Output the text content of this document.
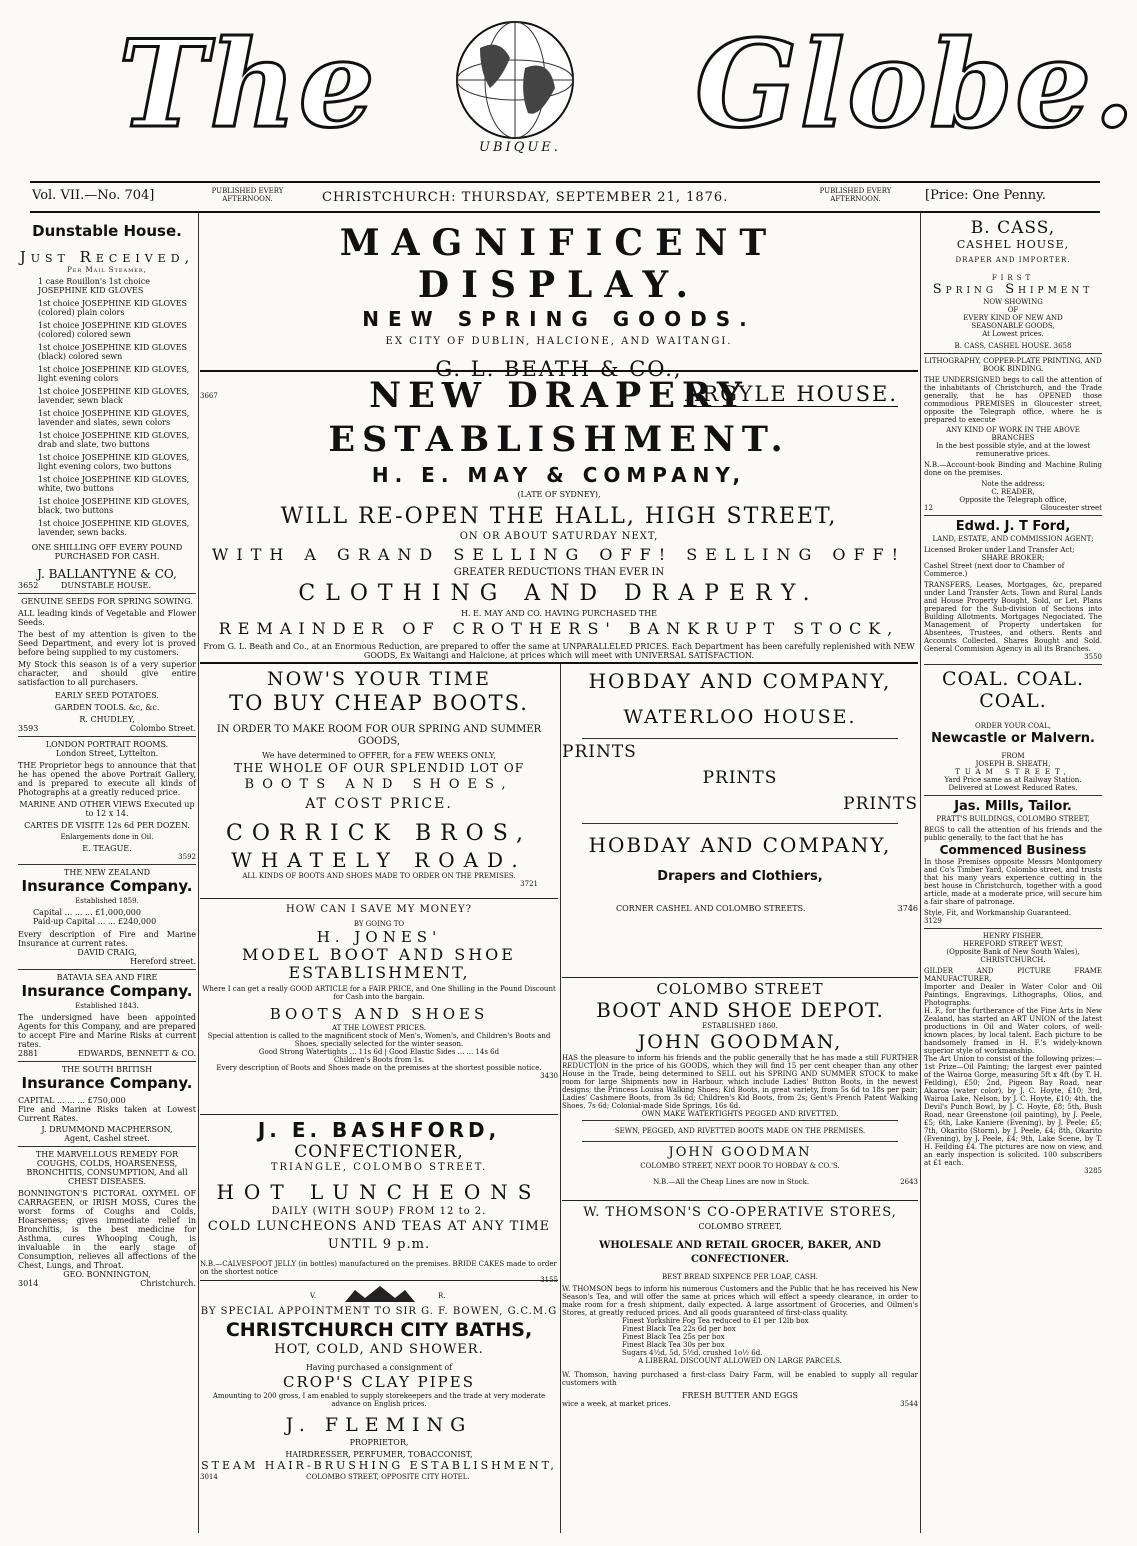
The	UBIQUE. Globe.
Vol. VII.—No. 704]	PUBLISHED EVERY AFTERNOON.	CHRISTCHURCH: THURSDAY, SEPTEMBER 21, 1876.	PUBLISHED EVERY AFTERNOON.	[Price: One Penny.

Dunstable House.

Just Received,

Per Mail Steamer,

1 case Rouillon's 1st choice JOSEPHINE KID GLOVES

1st choice JOSEPHINE KID GLOVES (colored) plain colors

1st choice JOSEPHINE KID GLOVES (colored) colored sewn

1st choice JOSEPHINE KID GLOVES (black) colored sewn

1st choice JOSEPHINE KID GLOVES, light evening colors

1st choice JOSEPHINE KID GLOVES, lavender, sewn black

1st choice JOSEPHINE KID GLOVES, lavender and slates, sewn colors

1st choice JOSEPHINE KID GLOVES, drab and slate, two buttons

1st choice JOSEPHINE KID GLOVES, light evening colors, two buttons

1st choice JOSEPHINE KID GLOVES, white, two buttons

1st choice JOSEPHINE KID GLOVES, black, two buttons

1st choice JOSEPHINE KID GLOVES, lavender, sewn backs.

ONE SHILLING OFF EVERY POUND PURCHASED FOR CASH.

J. BALLANTYNE & CO,

3652	DUNSTABLE HOUSE.

GENUINE SEEDS FOR SPRING SOWING.

ALL leading kinds of Vegetable and Flower Seeds.

The best of my attention is given to the Seed Department, and every lot is proved before being supplied to my customers.

My Stock this season is of a very superior character, and should give entire satisfaction to all purchasers.

EARLY SEED POTATOES.

GARDEN TOOLS. &c, &c.

R. CHUDLEY,

3593	Colombo Street.

LONDON PORTRAIT ROOMS.

London Street, Lyttelton.

THE Proprietor begs to announce that that he has opened the above Portrait Gallery, and is prepared to execute all kinds of Photographs at a greatly reduced price.

MARINE AND OTHER VIEWS Executed up to 12 x 14.

CARTES DE VISITE 12s 6d PER DOZEN.

Enlargements done in Oil.

E. TEAGUE.

3592

THE NEW ZEALAND

Insurance Company.

Established 1859.

Capital ... ... ... £1,000,000

Paid-up Capital ... ... £240,000

Every description of Fire and Marine Insurance at current rates.

DAVID CRAIG,

Hereford street.

BATAVIA SEA AND FIRE

Insurance Company.

Established 1843.

The undersigned have been appointed Agents for this Company, and are prepared to accept Fire and Marine Risks at current rates.

2881	EDWARDS, BENNETT & CO.

THE SOUTH BRITISH

Insurance Company.

CAPITAL ... ... ... £750,000

Fire and Marine Risks taken at Lowest Current Rates.

J. DRUMMOND MACPHERSON,

Agent, Cashel street.

THE MARVELLOUS REMEDY FOR COUGHS, COLDS, HOARSENESS, BRONCHITIS, CONSUMPTION, And all CHEST DISEASES.

BONNINGTON'S PICTORAL OXYMEL OF CARRAGEEN, or IRISH MOSS, Cures the worst forms of Coughs and Colds, Hoarseness; gives immediate relief in Bronchitis, is the best medicine for Asthma, cures Whooping Cough, is invaluable in the early stage of Consumption, relieves all affections of the Chest, Lungs, and Throat.

GEO. BONNINGTON,

3014	Christchurch.

MAGNIFICENT DISPLAY.

NEW SPRING GOODS.

EX CITY OF DUBLIN, HALCIONE, AND WAITANGI.

G. L. BEATH & CO.,

3667	ARGYLE HOUSE.

NEW DRAPERY ESTABLISHMENT.

H. E. MAY & COMPANY,

(LATE OF SYDNEY),

WILL RE-OPEN THE HALL, HIGH STREET,

ON OR ABOUT SATURDAY NEXT,

WITH A GRAND SELLING OFF! SELLING OFF!

GREATER REDUCTIONS THAN EVER IN

CLOTHING AND DRAPERY.

H. E. MAY AND CO. HAVING PURCHASED THE

REMAINDER OF CROTHERS' BANKRUPT STOCK,

From G. L. Beath and Co., at an Enormous Reduction, are prepared to offer the same at UNPARALLELED PRICES. Each Department has been carefully replenished with NEW GOODS, Ex Waitangi and Halcione, at prices which will meet with UNIVERSAL SATISFACTION.

NOW'S YOUR TIME

TO BUY CHEAP BOOTS.

IN ORDER TO MAKE ROOM FOR OUR SPRING AND SUMMER GOODS,

We have determined to OFFER, for a FEW WEEKS ONLY,

THE WHOLE OF OUR SPLENDID LOT OF

BOOTS AND SHOES,

AT COST PRICE.

CORRICK BROS,

WHATELY ROAD.

ALL KINDS OF BOOTS AND SHOES MADE TO ORDER ON THE PREMISES.

3721

HOW CAN I SAVE MY MONEY?

BY GOING TO

H. JONES'

MODEL BOOT AND SHOE

ESTABLISHMENT,

Where I can get a really GOOD ARTICLE for a FAIR PRICE, and One Shilling in the Pound Discount for Cash into the bargain.

BOOTS AND SHOES

AT THE LOWEST PRICES.

Special attention is called to the magnificent stock of Men's, Women's, and Children's Boots and Shoes, specially selected for the winter season.

Good Strong Watertights ... 11s 6d | Good Elastic Sides ... ... 14s 6d

Children's Boots from 1s.

Every description of Boots and Shoes made on the premises at the shortest possible notice.

3430

J. E. BASHFORD,

CONFECTIONER,

TRIANGLE, COLOMBO STREET.

HOT LUNCHEONS

DAILY (WITH SOUP) FROM 12 to 2.

COLD LUNCHEONS AND TEAS AT ANY TIME

UNTIL 9 p.m.

N.B.—CALVESFOOT JELLY (in bottles) manufactured on the premises. BRIDE CAKES made to order on the shortest notice

3155

V.	R.

BY SPECIAL APPOINTMENT TO SIR G. F. BOWEN, G.C.M.G

CHRISTCHURCH CITY BATHS,

HOT, COLD, AND SHOWER.

Having purchased a consignment of

CROP'S CLAY PIPES

Amounting to 200 gross, I am enabled to supply storekeepers and the trade at very moderate advance on English prices.

J. FLEMING

PROPRIETOR,

HAIRDRESSER, PERFUMER, TOBACCONIST,

STEAM HAIR-BRUSHING ESTABLISHMENT,

3014	COLOMBO STREET, OPPOSITE CITY HOTEL.

HOBDAY AND COMPANY,

WATERLOO HOUSE.

PRINTS

PRINTS

PRINTS

HOBDAY AND COMPANY,

Drapers and Clothiers,

CORNER CASHEL AND COLOMBO STREETS.	3746

COLOMBO STREET

BOOT AND SHOE DEPOT.

ESTABLISHED 1860.

JOHN GOODMAN,

HAS the pleasure to inform his friends and the public generally that he has made a still FURTHER REDUCTION in the price of his GOODS, which they will find 15 per cent cheaper than any other House in the Trade, being determined to SELL out his SPRING AND SUMMER STOCK to make room for large Shipments now in Harbour, which include Ladies' Button Boots, in the newest designs; the Princess Louisa Walking Shoes; Kid Boots, in great variety, from 5s 6d to 18s per pair; Ladies' Cashmere Boots, from 3s 6d; Children's Kid Boots, from 2s; Gent's French Patent Walking Shoes, 7s 6d; Colonial-made Side Springs, 16s 6d.

OWN MAKE WATERTIGHTS PEGGED AND RIVETTED.

SEWN, PEGGED, AND RIVETTED BOOTS MADE ON THE PREMISES.

JOHN GOODMAN

COLOMBO STREET, NEXT DOOR TO HOBDAY & CO.'S.

N.B.—All the Cheap Lines are now in Stock.	2643

W. THOMSON'S CO-OPERATIVE STORES,

COLOMBO STREET,

WHOLESALE AND RETAIL GROCER, BAKER, AND CONFECTIONER.

BEST BREAD SIXPENCE PER LOAF, CASH.

W. THOMSON begs to inform his numerous Customers and the Public that he has received his New Season's Tea, and will offer the same at prices which will effect a speedy clearance, in order to make room for a fresh shipment, daily expected. A large assortment of Groceries, and Oilmen's Stores, at greatly reduced prices. And all goods guaranteed of first-class quality.

Finest Yorkshire Fog Tea reduced to £1 per 12lb box

Finest Black Tea 22s 6d per box

Finest Black Tea 25s per box

Finest Black Tea 30s per box

Sugars 4½d, 5d, 5½d, crushed 1o½ 6d.

A LIBERAL DISCOUNT ALLOWED ON LARGE PARCELS.

W. Thomson, having purchased a first-class Dairy Farm, will be enabled to supply all regular customers with

FRESH BUTTER AND EGGS

wice a week, at market prices.	3544

B. CASS,

CASHEL HOUSE,

DRAPER AND IMPORTER.

FIRST

Spring Shipment

NOW SHOWING

OF

EVERY KIND OF NEW AND

SEASONABLE GOODS,

At Lowest prices.

B. CASS, CASHEL HOUSE. 3658

LITHOGRAPHY, COPPER-PLATE PRINTING, AND BOOK BINDING.

THE UNDERSIGNED begs to call the attention of the inhabitants of Christchurch, and the Trade generally, that he has OPENED those commodious PREMISES in Gloucester street, opposite the Telegraph office, where he is prepared to execute

ANY KIND OF WORK IN THE ABOVE BRANCHES

In the best possible style, and at the lowest remunerative prices.

N.B.—Account-book Binding and Machine Ruling done on the premises.

Note the address:

C. READER,

Opposite the Telegraph office,

12	Gloucester street

Edwd. J. T Ford,

LAND, ESTATE, AND COMMISSION AGENT;

Licensed Broker under Land Transfer Act;

SHARE BROKER;

Cashel Street (next door to Chamber of Commerce.)

TRANSFERS, Leases, Mortgages, &c, prepared under Land Transfer Acts. Town and Rural Lands and House Property Bought, Sold, or Let. Plans prepared for the Sub-division of Sections into Building Allotments. Mortgages Negociated. The Management of Property undertaken for Absentees, Trustees, and others. Rents and Accounts Collected. Shares Bought and Sold. General Commision Agency in all its Branches.

3550

COAL. COAL.

COAL.

ORDER YOUR COAL,

Newcastle or Malvern.

FROM

JOSEPH B. SHEATH,

TUAM STREET,

Yard Price same as at Railway Station.

Delivered at Lowest Reduced Rates.

Jas. Mills, Tailor.

PRATT'S BUILDINGS, COLOMBO STREET,

BEGS to call the attention of his friends and the public generally, to the fact that he has

Commenced Business

In those Premises opposite Messrs Montgomery and Co's Timber Yard, Colombo street, and trusts that his many years experience cutting in the best house in Christchurch, together with a good article, made at a moderate price, will secure him a fair share of patronage.

Style, Fit, and Workmanship Guaranteed.

3129

HENRY FISHER,

HEREFORD STREET WEST,

(Opposite Bank of New South Wales),

CHRISTCHURCH.

GILDER AND PICTURE FRAME MANUFACTURER,

Importer and Dealer in Water Color and Oil Paintings, Engravings, Lithographs, Olios, and Photographs.

H. F., for the furtherance of the Fine Arts in New Zealand, has started an ART UNION of the latest productions in Oil and Water colors, of well-known places, by local talent. Each picture to be handsomely framed in H. F.'s widely-known superior style of workmanship.

The Art Union to consist of the following prizes:—1st Prize—Oil Painting; the largest ever painted of the Wairoa Gorge, measuring 5ft x 4ft (by T. H. Feilding), £50; 2nd, Pigeon Bay Road, near Akaroa (water color), by J. C. Hoyte, £10; 3rd, Wairoa Lake, Nelson, by J. C. Hoyte, £10; 4th, the Devil's Punch Bowl, by J. C. Hoyte, £8; 5th, Bush Road, near Greenstone (oil painting), by J. Peele, £5; 6th, Lake Kaniere (Evening), by J. Peele; £5; 7th, Okarito (Storm), by J. Peele, £4; 8th, Okarito (Evening), by J. Peele, £4; 9th, Lake Scene, by T. H. Feilding £4. The pictures are now on view, and an early inspection is solicited. 100 subscribers at £1 each.

3285
